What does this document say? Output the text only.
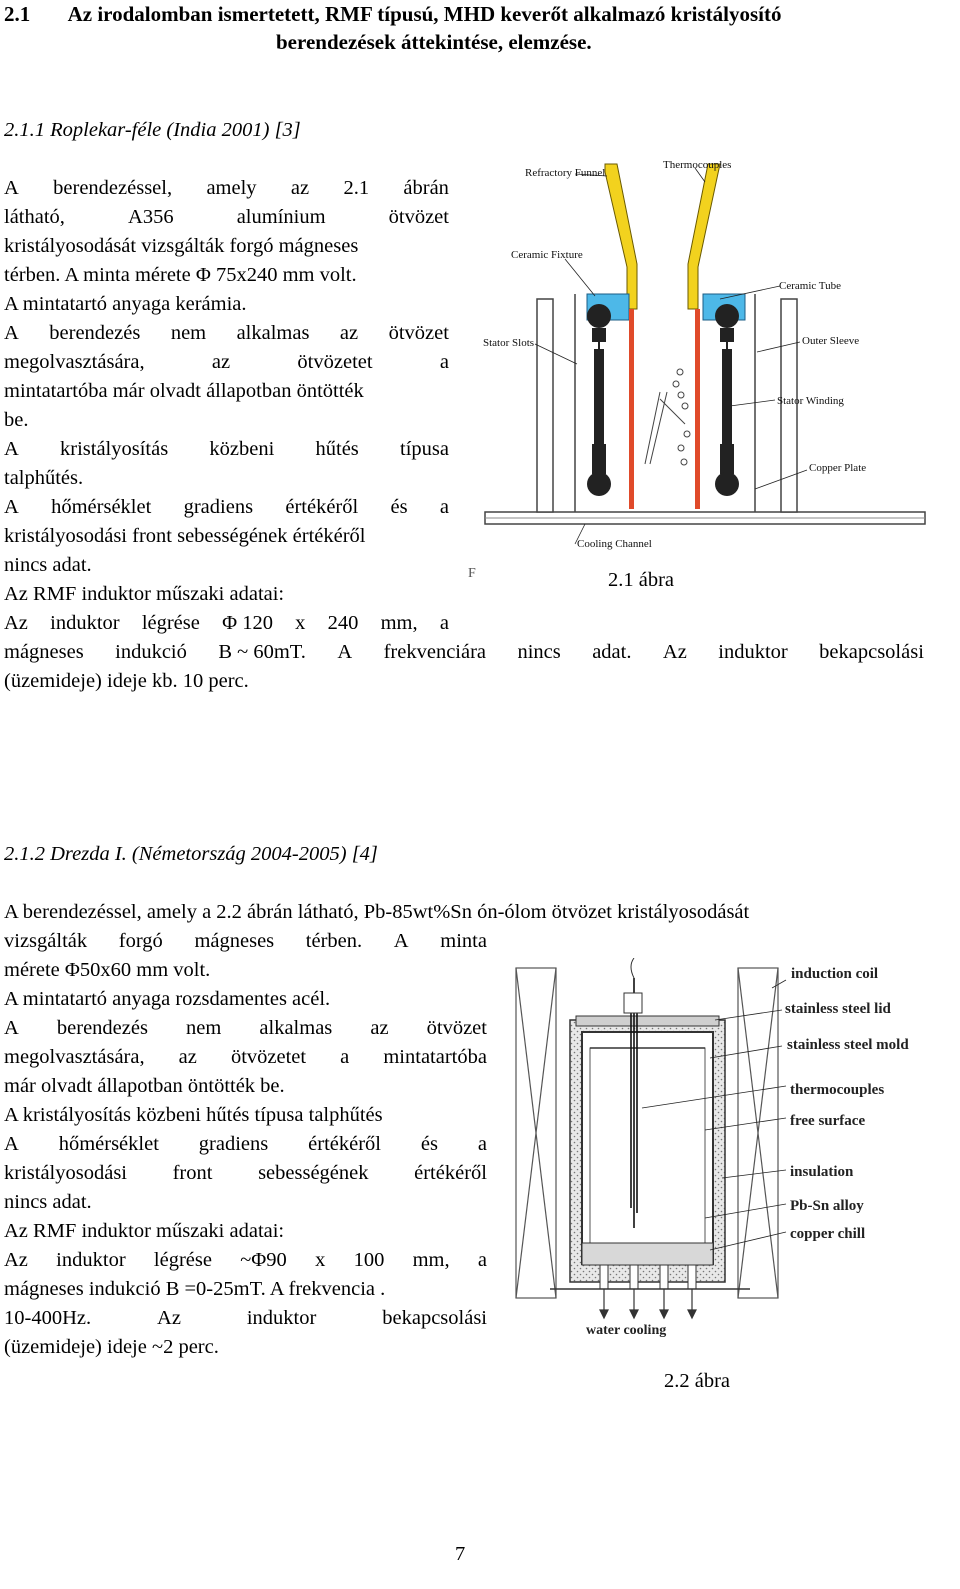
2.1 Az irodalomban ismertetett, RMF típusú, MHD keverőt alkalmazó kristályosító
berendezések áttekintése, elemzése.
2.1.1 Roplekar-féle (India 2001) [3]
A berendezéssel, amely az 2.1 ábrán
látható,	A356	alumínium	ötvözet
kristályosodását vizsgálták forgó mágneses
térben. A minta mérete Φ 75x240 mm volt.
A mintatartó anyaga kerámia.
A berendezés nem alkalmas az ötvözet
megolvasztására,	az	ötvözetet	a
mintatartóba már olvadt állapotban öntötték
be.
A kristályosítás közbeni hűtés típusa
talphűtés.
A hőmérséklet gradiens értékéről és a
kristályosodási front sebességének értékéről
nincs adat.
Az RMF induktor műszaki adatai:
Az induktor légrése Φ 120 x 240 mm, a
mágneses indukció B ~ 60mT. A frekvenciára nincs adat. Az induktor bekapcsolási
(üzemideje) ideje kb. 10 perc.
Refractory Funnel
Thermocouples
Ceramic Fixture
Ceramic Tube
Stator Slots	Outer Sleeve
Stator Winding
Copper Plate
Cooling Channel
F	2.1 ábra
2.1.2 Drezda I. (Németország 2004-2005) [4]
A berendezéssel, amely a 2.2 ábrán látható, Pb-85wt%Sn ón-ólom ötvözet kristályosodását
vizsgálták forgó mágneses térben. A minta
mérete Φ50x60 mm volt.
A mintatartó anyaga rozsdamentes acél.
A berendezés nem alkalmas az ötvözet
megolvasztására, az ötvözetet a mintatartóba
már olvadt állapotban öntötték be.
A kristályosítás közbeni hűtés típusa talphűtés
A hőmérséklet gradiens értékéről és a
kristályosodási front sebességének értékéről
nincs adat.
Az RMF induktor műszaki adatai:
Az induktor légrése ~Φ90 x 100 mm, a
mágneses indukció B =0-25mT. A frekvencia .
10-400Hz.	Az	induktor	bekapcsolási
(üzemideje) ideje ~2 perc.
induction coil
stainless steel lid
stainless steel mold
thermocouples
free surface
insulation
Pb-Sn alloy
copper chill
water cooling
2.2 ábra
7
